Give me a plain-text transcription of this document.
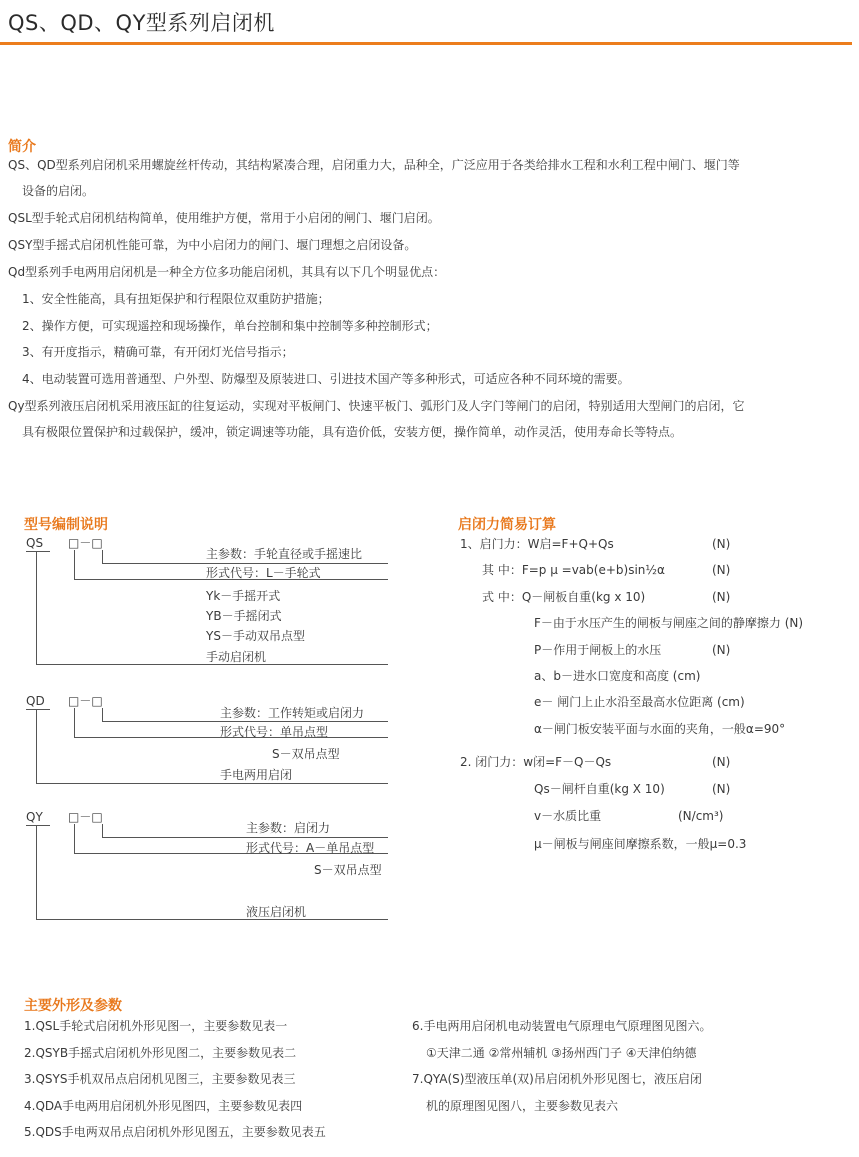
QS、QD、QY型系列启闭机
简介
QS、QD型系列启闭机采用螺旋丝杆传动，其结构紧凑合理，启闭重力大，品种全，广泛应用于各类给排水工程和水利工程中闸门、堰门等
设备的启闭。
QSL型手轮式启闭机结构简单，使用维护方便，常用于小启闭的闸门、堰门启闭。
QSY型手摇式启闭机性能可靠，为中小启闭力的闸门、堰门理想之启闭设备。
Qd型系列手电两用启闭机是一种全方位多功能启闭机，其具有以下几个明显优点：
1、安全性能高，具有扭矩保护和行程限位双重防护措施；
2、操作方便，可实现遥控和现场操作，单台控制和集中控制等多种控制形式；
3、有开度指示，精确可靠，有开闭灯光信号指示；
4、电动装置可选用普通型、户外型、防爆型及原装进口、引进技术国产等多种形式，可适应各种不同环境的需要。
Qy型系列液压启闭机采用液压缸的往复运动，实现对平板闸门、快速平板门、弧形门及人字门等闸门的启闭，特别适用大型闸门的启闭，它
具有极限位置保护和过载保护，缓冲，锁定调速等功能，具有造价低，安装方便，操作简单，动作灵活，使用寿命长等特点。
型号编制说明
QS □－□
主参数：手轮直径或手摇速比
形式代号：L－手轮式
Yk－手摇开式
YB－手摇闭式
YS－手动双吊点型
手动启闭机
QD □－□
主参数：工作转矩或启闭力
形式代号：单吊点型
S－双吊点型
手电两用启闭
QY □－□
主参数：启闭力
形式代号：A－单吊点型
S－双吊点型
液压启闭机
启闭力简易订算
1、启门力：W启=F+Q+Qs	(N)
其 中：F=p μ =vab(e+b)sin½α	(N)
式 中：Q－闸板自重(kg x 10)	(N)
F－由于水压产生的闸板与闸座之间的静摩擦力 (N)
P－作用于闸板上的水压	(N)
a、b－进水口宽度和高度 (cm)
e－ 闸门上止水沿至最高水位距离 (cm)
α－闸门板安装平面与水面的夹角，一般α=90°
2. 闭门力：w闭=F－Q－Qs	(N)
Qs－闸杆自重(kg X 10)	(N)
v－水质比重	(N/cm³)
μ－闸板与闸座间摩擦系数，一般μ=0.3
主要外形及参数
1.QSL手轮式启闭机外形见图一，主要参数见表一
2.QSYB手摇式启闭机外形见图二，主要参数见表二
3.QSYS手机双吊点启闭机见图三，主要参数见表三
4.QDA手电两用启闭机外形见图四，主要参数见表四
5.QDS手电两双吊点启闭机外形见图五，主要参数见表五
6.手电两用启闭机电动装置电气原理电气原理图见图六。
①天津二通 ②常州辅机 ③扬州西门子 ④天津伯纳德
7.QYA(S)型液压单(双)吊启闭机外形见图七，液压启闭
机的原理图见图八，主要参数见表六
